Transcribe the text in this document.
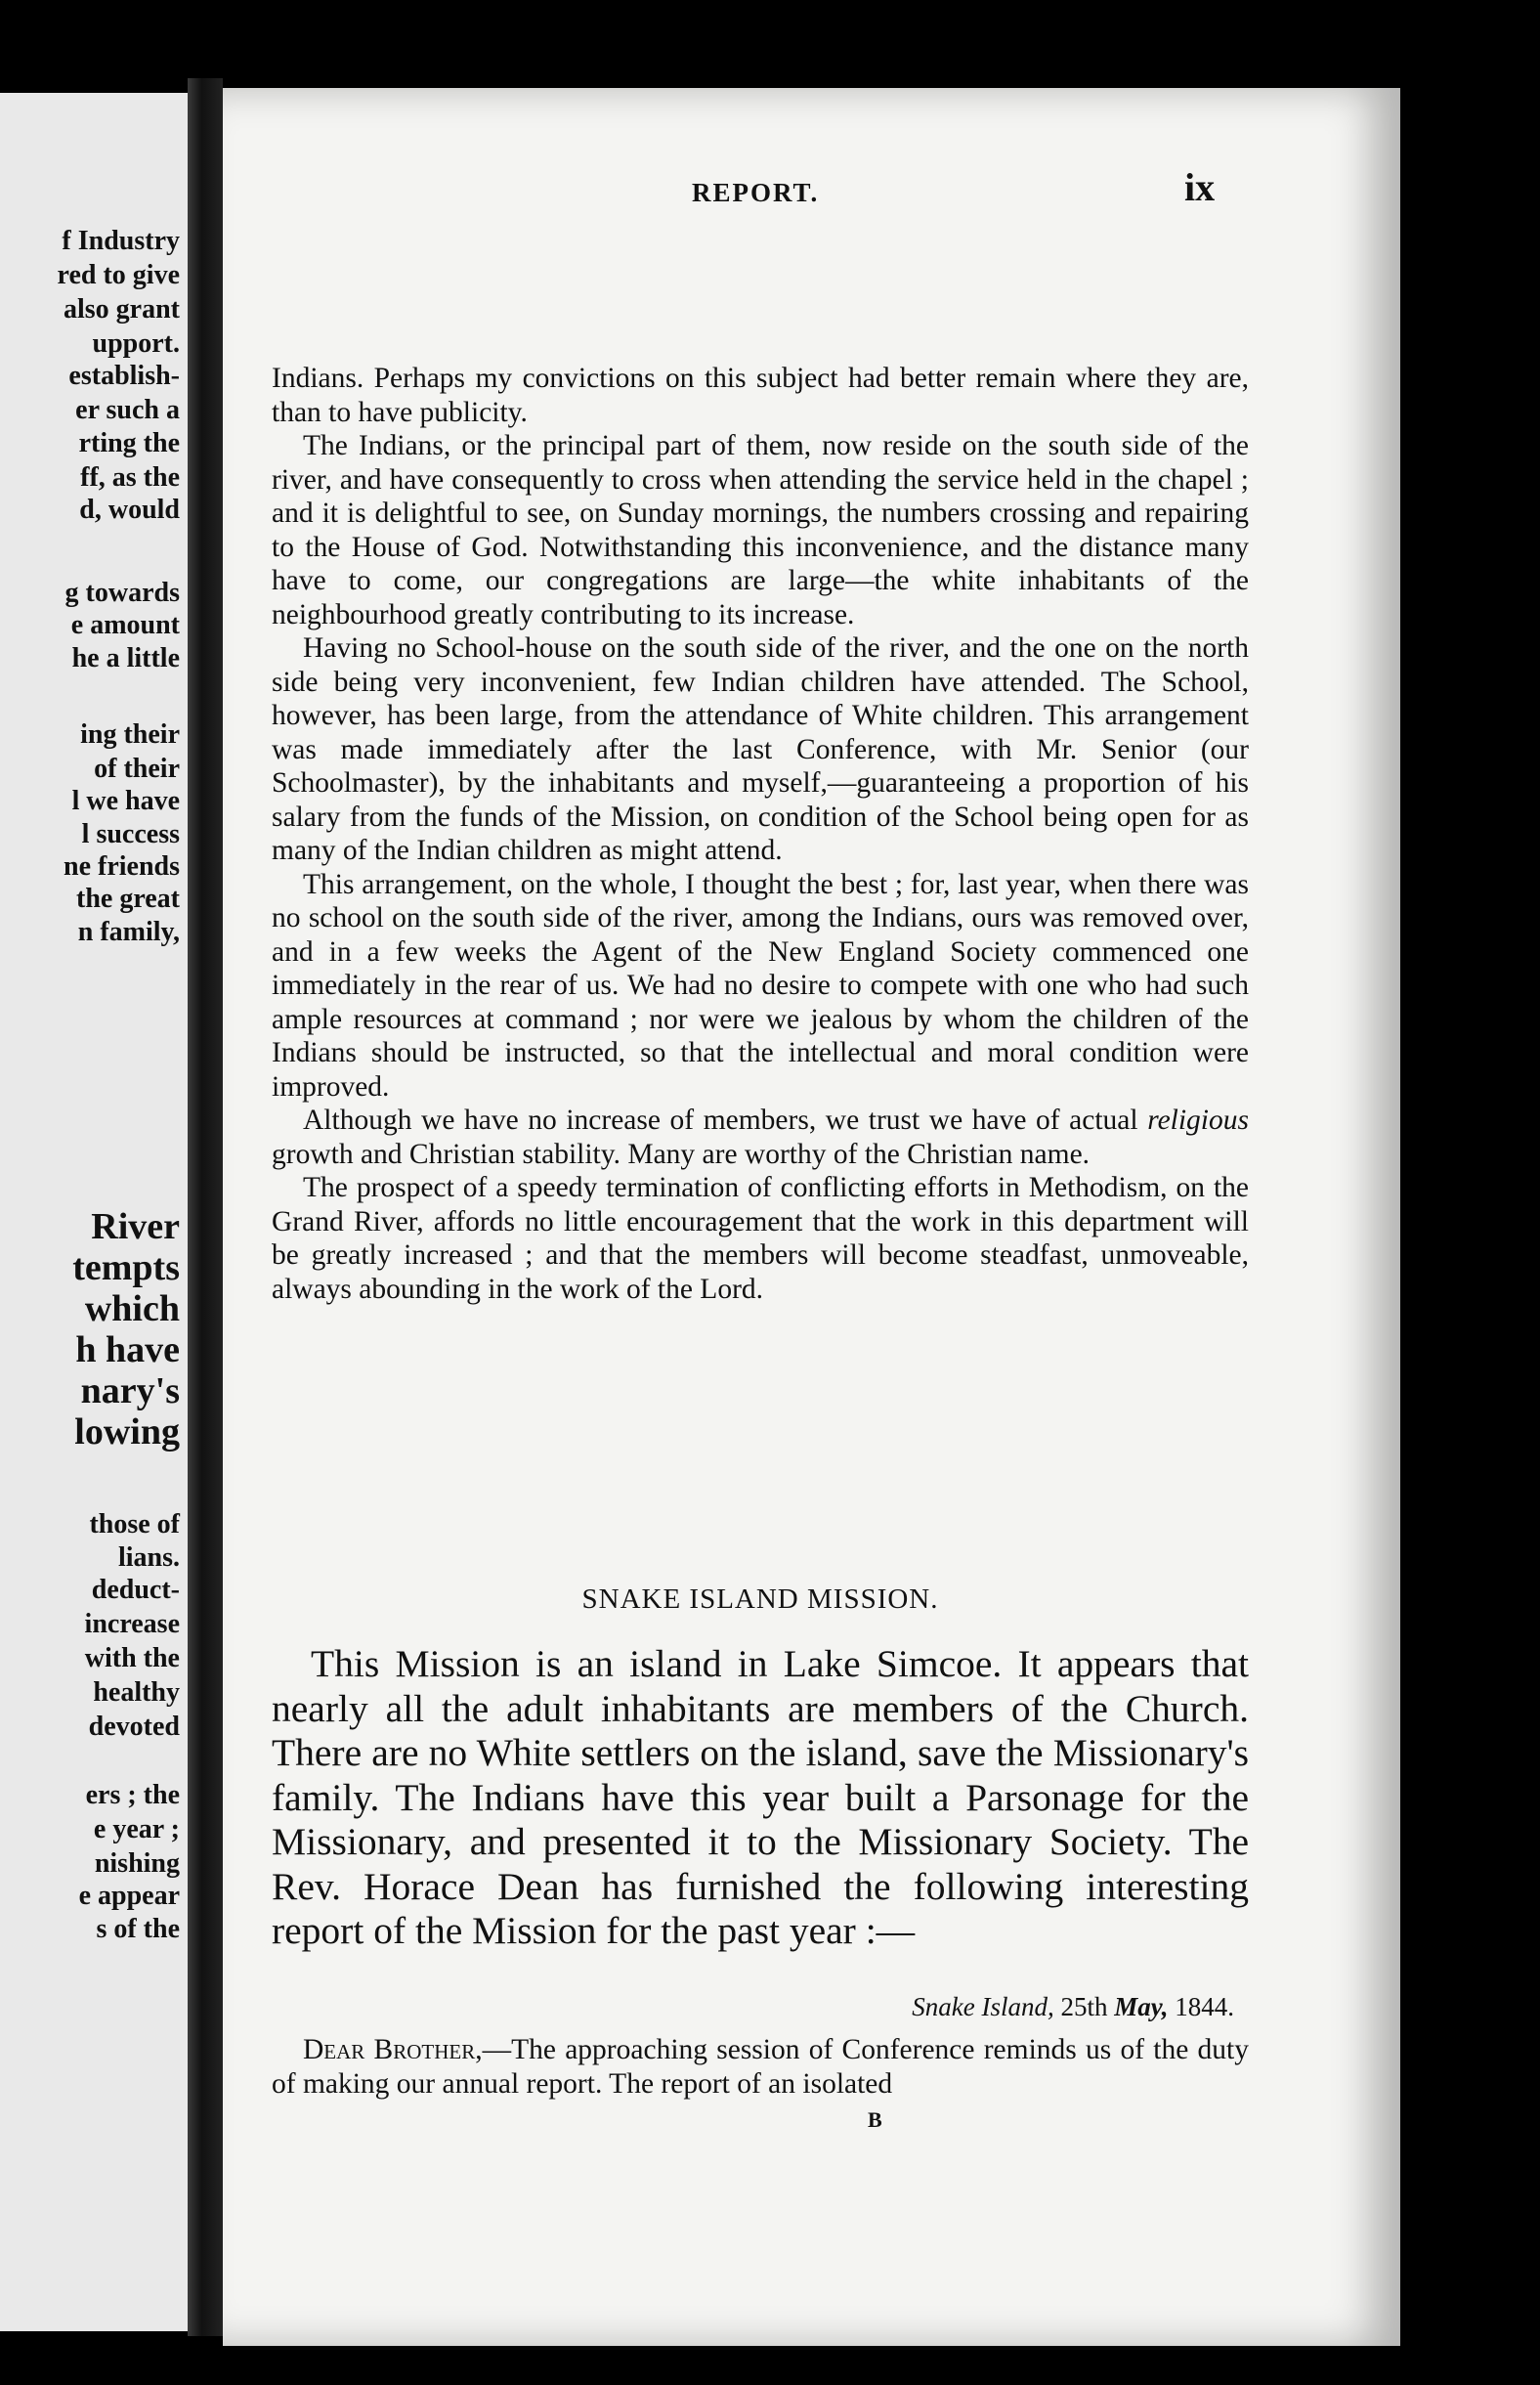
f Industry
red to give
also grant
upport.
establish-
er such a
rting the
ff, as the
d, would
g towards
e amount
he a little
ing their
of their
l we have
l success
ne friends
the great
n family,
River
tempts
which
h have
nary's
lowing
those of
lians.
deduct-
increase
with the
healthy
devoted
ers ; the
e year ;
nishing
e appear
s of the
REPORT.	ix

Indians. Perhaps my convictions on this subject had better remain where they are, than to have publicity.

The Indians, or the principal part of them, now reside on the south side of the river, and have consequently to cross when attending the service held in the chapel ; and it is delightful to see, on Sunday mornings, the numbers crossing and repairing to the House of God. Notwithstanding this inconvenience, and the distance many have to come, our congregations are large—the white inhabitants of the neighbourhood greatly contributing to its increase.

Having no School-house on the south side of the river, and the one on the north side being very inconvenient, few Indian children have attended. The School, however, has been large, from the attendance of White children. This arrangement was made immediately after the last Conference, with Mr. Senior (our Schoolmaster), by the inhabitants and myself,—guaranteeing a proportion of his salary from the funds of the Mission, on condition of the School being open for as many of the Indian children as might attend.

This arrangement, on the whole, I thought the best ; for, last year, when there was no school on the south side of the river, among the Indians, ours was removed over, and in a few weeks the Agent of the New England Society commenced one immediately in the rear of us. We had no desire to compete with one who had such ample resources at command ; nor were we jealous by whom the children of the Indians should be instructed, so that the intellectual and moral condition were improved.

Although we have no increase of members, we trust we have of actual religious growth and Christian stability. Many are worthy of the Christian name.

The prospect of a speedy termination of conflicting efforts in Methodism, on the Grand River, affords no little encouragement that the work in this department will be greatly increased ; and that the members will become steadfast, unmoveable, always abounding in the work of the Lord.

SNAKE ISLAND MISSION.

This Mission is an island in Lake Simcoe. It appears that nearly all the adult inhabitants are members of the Church. There are no White settlers on the island, save the Missionary's family. The Indians have this year built a Parsonage for the Missionary, and presented it to the Missionary Society. The Rev. Horace Dean has furnished the following interesting report of the Mission for the past year :—

Snake Island, 25th May, 1844.

Dear Brother,—The approaching session of Conference reminds us of the duty of making our annual report. The report of an isolated

B
